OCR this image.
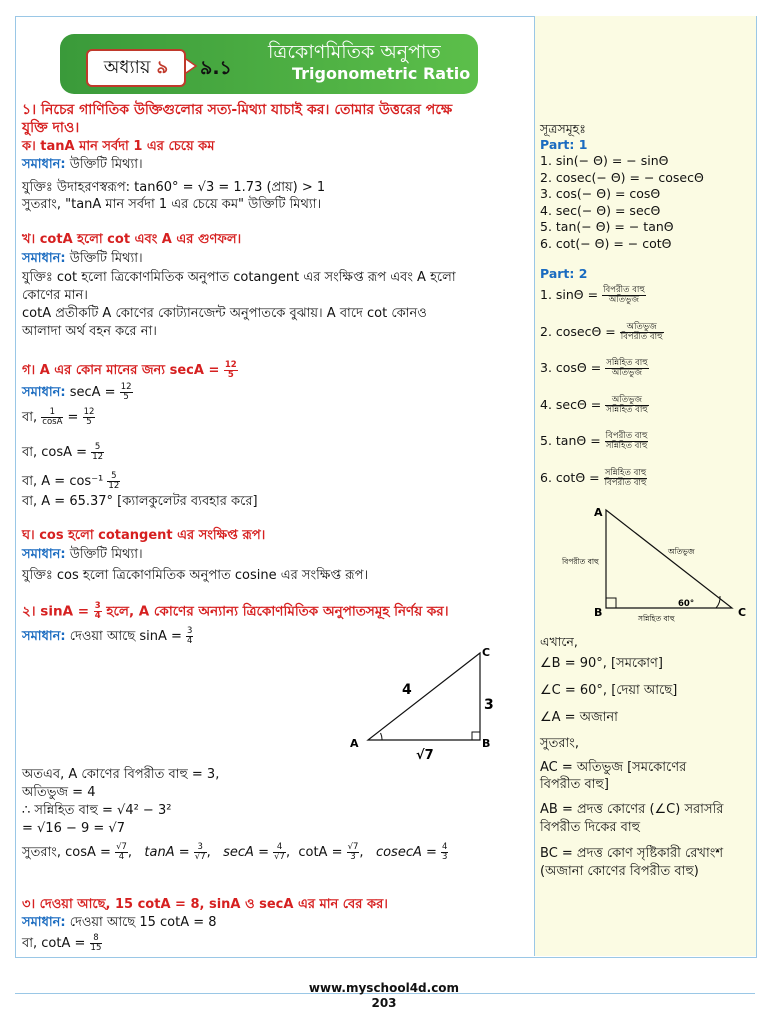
অধ্যায় ৯ ৯.১
ত্রিকোণমিতিক অনুপাত
Trigonometric Ratio
১। নিচের গাণিতিক উক্তিগুলোর সত্য-মিথ্যা যাচাই কর। তোমার উত্তরের পক্ষে
যুক্তি দাও।
ক। tanA মান সর্বদা 1 এর চেয়ে কম
সমাধান: উক্তিটি মিথ্যা।
যুক্তিঃ উদাহরণস্বরূপ: tan60° = √3 = 1.73 (প্রায়) > 1
সুতরাং, "tanA মান সর্বদা 1 এর চেয়ে কম" উক্তিটি মিথ্যা।
খ। cotA হলো cot এবং A এর গুণফল।
সমাধান: উক্তিটি মিথ্যা।
যুক্তিঃ cot হলো ত্রিকোণমিতিক অনুপাত cotangent এর সংক্ষিপ্ত রূপ এবং A হলো
কোণের মান।
cotA প্রতীকটি A কোণের কোট্যানজেন্ট অনুপাতকে বুঝায়। A বাদে cot কোনও
আলাদা অর্থ বহন করে না।
গ। A এর কোন মানের জন্য $\sec A = \frac{12}{5}$
সমাধান: $\sec A = \frac{12}{5}$
বা, $\frac{1}{\cos A} = \frac{12}{5}$
বা, $\cos A = \frac{5}{12}$
বা, $A = \cos^{-1} \frac{5}{12}$
বা, A = 65.37° [ক্যালকুলেটর ব্যবহার করে]
ঘ। cos হলো cotangent এর সংক্ষিপ্ত রূপ।
সমাধান: উক্তিটি মিথ্যা।
যুক্তিঃ cos হলো ত্রিকোণমিতিক অনুপাত cosine এর সংক্ষিপ্ত রূপ।
২। $\sin A = \frac{3}{4}$ হলে, A কোণের অন্যান্য ত্রিকোণমিতিক অনুপাতসমূহ নির্ণয় কর।
সমাধান: দেওয়া আছে $\sin A = \frac{3}{4}$
A	B
C
4
3
√7
অতএব, A কোণের বিপরীত বাহু = 3,
অতিভুজ = 4
∴ সন্নিহিত বাহু = √4² − 3²
= √16 − 9 = √7
সুতরাং, $\cos A = \frac{√7}{4}$ ,   $\tan A = \frac{3}{√7}$ ,   $\sec A = \frac{4}{√7}$ ,  $\cot A = \frac{√7}{3}$ ,   $cosecA = \frac{4}{3}$
৩। দেওয়া আছে, 15 cotA = 8, sinA ও secA এর মান বের কর।
সমাধান: দেওয়া আছে 15 cotA = 8
বা, $\cot A = \frac{8}{15}$
সূত্রসমূহঃ
Part: 1
1. sin(− Θ) = − sinΘ
2. cosec(− Θ) = − cosecΘ
3. cos(− Θ) = cosΘ
4. sec(− Θ) = secΘ
5. tan(− Θ) = − tanΘ
6. cot(− Θ) = − cotΘ
Part: 2
1. $\sin\Theta = \frac{\text{বিপরীত বাহু}}{\text{অতিভুজ}}$
2. $cosec\Theta = \frac{\text{অতিভুজ}}{\text{বিপরীত বাহু}}$
3. $\cos\Theta = \frac{\text{সন্নিহিত বাহু}}{\text{অতিভুজ}}$
4. $\sec\Theta = \frac{\text{অতিভুজ}}{\text{সন্নিহিত বাহু}}$
5. $\tan\Theta = \frac{\text{বিপরীত বাহু}}{\text{সন্নিহিত বাহু}}$
6. $\cot\Theta = \frac{\text{সন্নিহিত বাহু}}{\text{বিপরীত বাহু}}$
A
B	C
বিপরীত বাহু
অতিভুজ
সন্নিহিত বাহু
60°
এখানে,
∠B = 90°, [সমকোণ]
∠C = 60°, [দেয়া আছে]
∠A = অজানা
সুতরাং,
AC = অতিভুজ [সমকোণের
বিপরীত বাহু]
AB = প্রদত্ত কোণের (∠C) সরাসরি
বিপরীত দিকের বাহু
BC = প্রদত্ত কোণ সৃষ্টিকারী রেখাংশ
(অজানা কোণের বিপরীত বাহু)
www.myschool4d.com
203
